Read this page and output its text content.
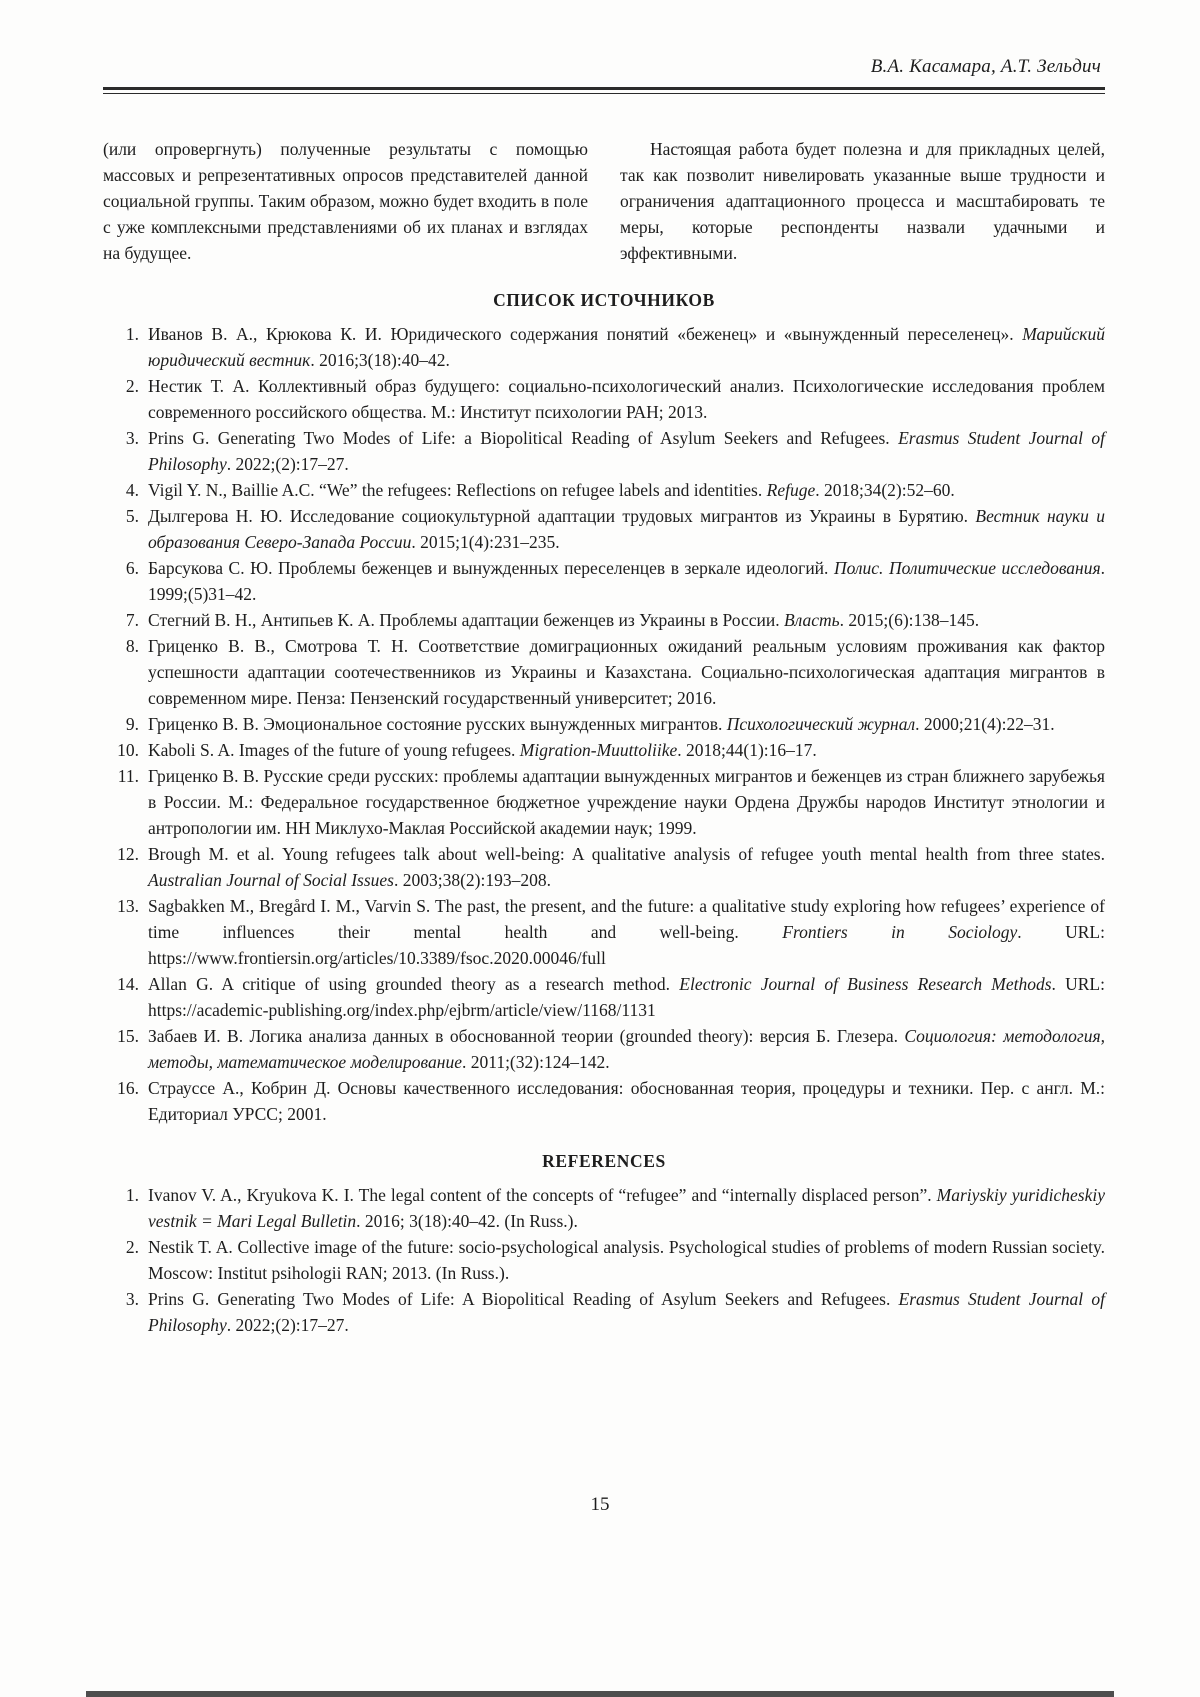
В.А. Касамара, А.Т. Зельдич

(или опровергнуть) полученные результаты с помощью массовых и репрезентативных опросов представителей данной социальной группы. Таким образом, можно будет входить в поле с уже комплексными представлениями об их планах и взглядах на будущее.

Настоящая работа будет полезна и для прикладных целей, так как позволит нивелировать указанные выше трудности и ограничения адаптационного процесса и масштабировать те меры, которые респонденты назвали удачными и эффективными.

СПИСОК ИСТОЧНИКОВ
1. Иванов В. А., Крюкова К. И. Юридического содержания понятий «беженец» и «вынужденный переселенец». Марийский юридический вестник. 2016;3(18):40–42.
2. Нестик Т. А. Коллективный образ будущего: социально-психологический анализ. Психологические исследования проблем современного российского общества. М.: Институт психологии РАН; 2013.
3. Prins G. Generating Two Modes of Life: a Biopolitical Reading of Asylum Seekers and Refugees. Erasmus Student Journal of Philosophy. 2022;(2):17–27.
4. Vigil Y. N., Baillie A.C. “We” the refugees: Reflections on refugee labels and identities. Refuge. 2018;34(2):52–60.
5. Дылгерова Н. Ю. Исследование социокультурной адаптации трудовых мигрантов из Украины в Бурятию. Вестник науки и образования Северо-Запада России. 2015;1(4):231–235.
6. Барсукова С. Ю. Проблемы беженцев и вынужденных переселенцев в зеркале идеологий. Полис. Политические исследования. 1999;(5)31–42.
7. Стегний В. Н., Антипьев К. А. Проблемы адаптации беженцев из Украины в России. Власть. 2015;(6):138–145.
8. Гриценко В. В., Смотрова Т. Н. Соответствие домиграционных ожиданий реальным условиям проживания как фактор успешности адаптации соотечественников из Украины и Казахстана. Социально-психологическая адаптация мигрантов в современном мире. Пенза: Пензенский государственный университет; 2016.
9. Гриценко В. В. Эмоциональное состояние русских вынужденных мигрантов. Психологический журнал. 2000;21(4):22–31.
10. Kaboli S. A. Images of the future of young refugees. Migration-Muuttoliike. 2018;44(1):16–17.
11. Гриценко В. В. Русские среди русских: проблемы адаптации вынужденных мигрантов и беженцев из стран ближнего зарубежья в России. М.: Федеральное государственное бюджетное учреждение науки Ордена Дружбы народов Институт этнологии и антропологии им. НН Миклухо-Маклая Российской академии наук; 1999.
12. Brough M. et al. Young refugees talk about well-being: A qualitative analysis of refugee youth mental health from three states. Australian Journal of Social Issues. 2003;38(2):193–208.
13. Sagbakken M., Bregård I. M., Varvin S. The past, the present, and the future: a qualitative study exploring how refugees’ experience of time influences their mental health and well-being. Frontiers in Sociology. URL: https://www.frontiersin.org/articles/10.3389/fsoc.2020.00046/full
14. Allan G. A critique of using grounded theory as a research method. Electronic Journal of Business Research Methods. URL: https://academic-publishing.org/index.php/ejbrm/article/view/1168/1131
15. Забаев И. В. Логика анализа данных в обоснованной теории (grounded theory): версия Б. Глезера. Социология: методология, методы, математическое моделирование. 2011;(32):124–142.
16. Страуссе А., Кобрин Д. Основы качественного исследования: обоснованная теория, процедуры и техники. Пер. с англ. М.: Едиториал УРСС; 2001.
REFERENCES
1. Ivanov V. A., Kryukova K. I. The legal content of the concepts of “refugee” and “internally displaced person”. Mariyskiy yuridicheskiy vestnik = Mari Legal Bulletin. 2016; 3(18):40–42. (In Russ.).
2. Nestik T. A. Collective image of the future: socio-psychological analysis. Psychological studies of problems of modern Russian society. Moscow: Institut psihologii RAN; 2013. (In Russ.).
3. Prins G. Generating Two Modes of Life: A Biopolitical Reading of Asylum Seekers and Refugees. Erasmus Student Journal of Philosophy. 2022;(2):17–27.
15
